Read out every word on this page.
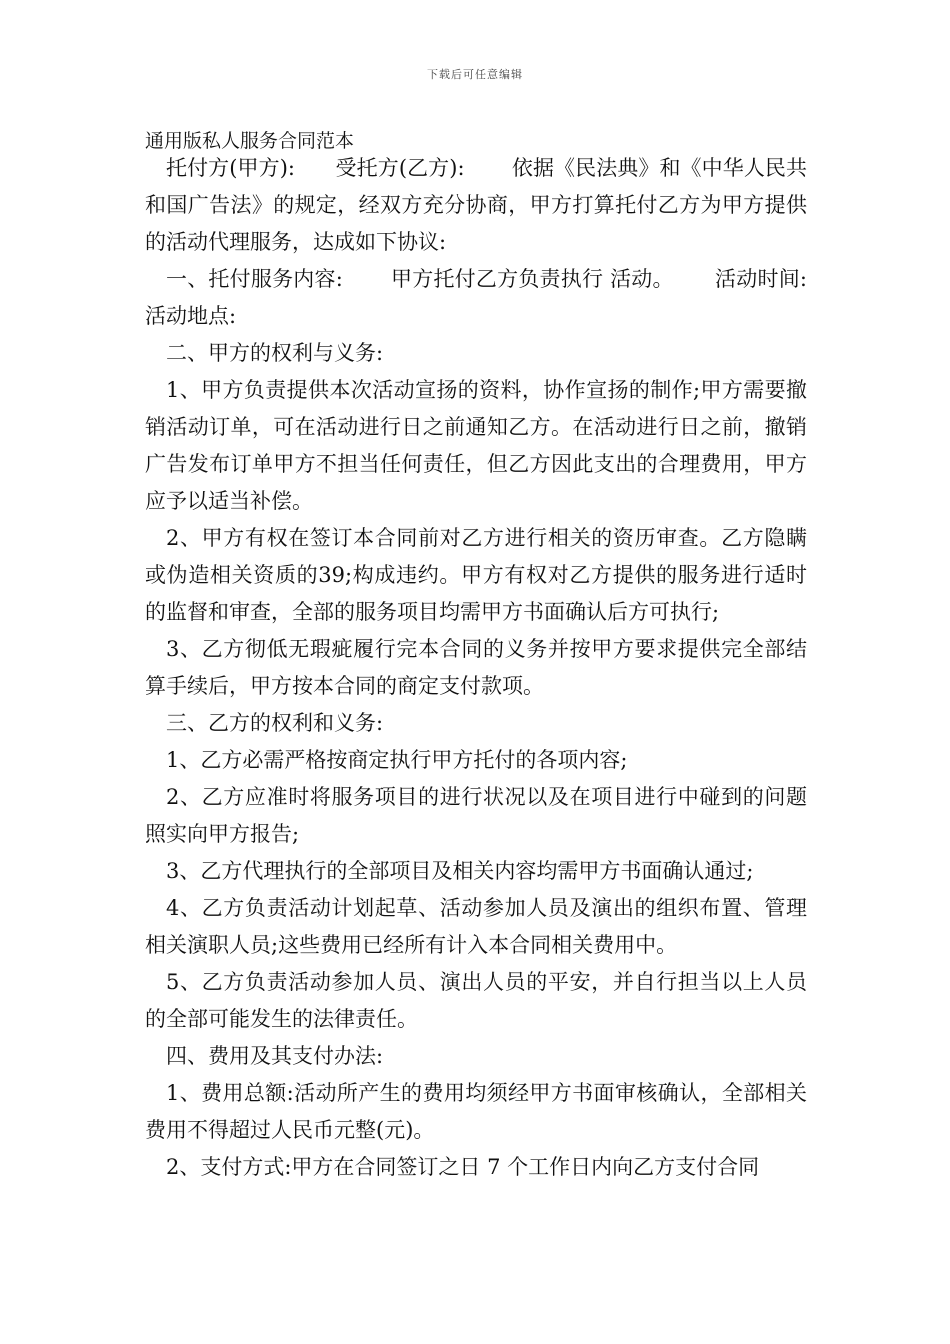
下载后可任意编辑
通用版私人服务合同范本

托付方(甲方):      受托方(乙方):       依据《民法典》和《中华人民共和国广告法》的规定，经双方充分协商，甲方打算托付乙方为甲方提供的活动代理服务，达成如下协议:

一、托付服务内容:       甲方托付乙方负责执行 活动。      活动时间:      活动地点:

二、甲方的权利与义务:

1、甲方负责提供本次活动宣扬的资料，协作宣扬的制作;甲方需要撤销活动订单，可在活动进行日之前通知乙方。在活动进行日之前，撤销广告发布订单甲方不担当任何责任，但乙方因此支出的合理费用，甲方应予以适当补偿。

2、甲方有权在签订本合同前对乙方进行相关的资历审查。乙方隐瞒或伪造相关资质的39;构成违约。甲方有权对乙方提供的服务进行适时的监督和审查，全部的服务项目均需甲方书面确认后方可执行;

3、乙方彻低无瑕疵履行完本合同的义务并按甲方要求提供完全部结算手续后，甲方按本合同的商定支付款项。

三、乙方的权利和义务:

1、乙方必需严格按商定执行甲方托付的各项内容;

2、乙方应准时将服务项目的进行状况以及在项目进行中碰到的问题照实向甲方报告;

3、乙方代理执行的全部项目及相关内容均需甲方书面确认通过;

4、乙方负责活动计划起草、活动参加人员及演出的组织布置、管理相关演职人员;这些费用已经所有计入本合同相关费用中。

5、乙方负责活动参加人员、演出人员的平安，并自行担当以上人员的全部可能发生的法律责任。

四、费用及其支付办法:

1、费用总额:活动所产生的费用均须经甲方书面审核确认，全部相关费用不得超过人民币元整(元)。

2、支付方式:甲方在合同签订之日 7 个工作日内向乙方支付合同
